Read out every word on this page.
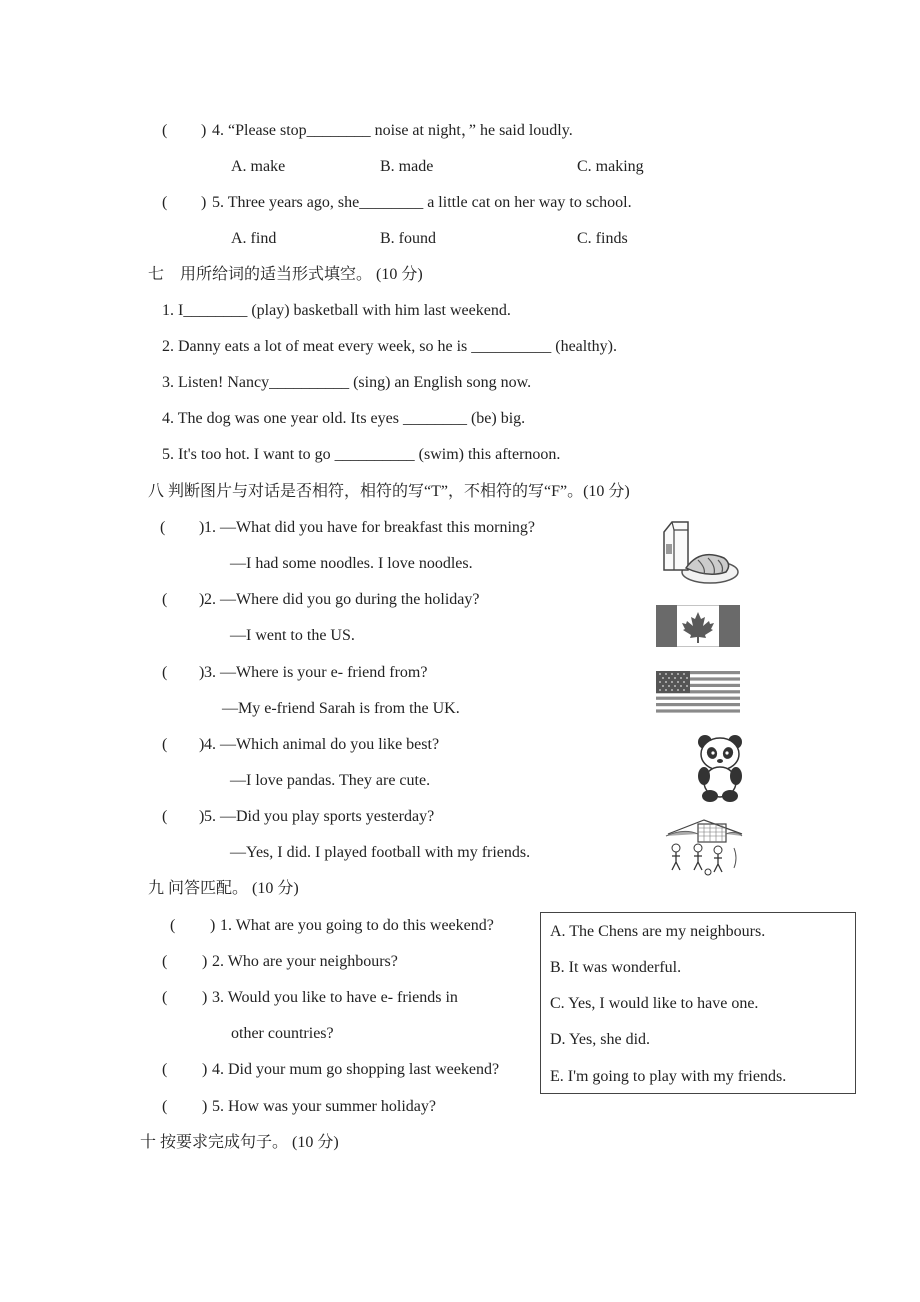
( ) 4. “Please stop________ noise at night，” he said loudly.
A. make	B. made	C. making
( ) 5. Three years ago, she________ a little cat on her way to school.
A. find	B. found	C. finds
七　用所给词的适当形式填空。 (10 分)
1. I________ (play) basketball with him last weekend.
2. Danny eats a lot of meat every week, so he is __________ (healthy).
3. Listen! Nancy__________ (sing) an English song now.
4. The dog was one year old. Its eyes ________ (be) big.
5. It's too hot. I want to go __________ (swim) this afternoon.
八 判断图片与对话是否相符，相符的写“T”，不相符的写“F”。(10 分)
( ) 1. —What did you have for breakfast this morning?
—I had some noodles. I love noodles.
( ) 2. —Where did you go during the holiday?
—I went to the US.
( ) 3. —Where is your e- friend from?
—My e-friend Sarah is from the UK.
( ) 4. —Which animal do you like best?
—I love pandas. They are cute.
( ) 5. —Did you play sports yesterday?
—Yes, I did. I played football with my friends.
九 问答匹配。 (10 分)
( ) 1. What are you going to do this weekend?
( ) 2. Who are your neighbours?
( ) 3. Would you like to have e- friends in
other countries?
( ) 4. Did your mum go shopping last weekend?
( ) 5. How was your summer holiday?
A. The Chens are my neighbours.
B. It was wonderful.
C. Yes, I would like to have one.
D. Yes, she did.
E. I'm going to play with my friends.
十 按要求完成句子。 (10 分)
